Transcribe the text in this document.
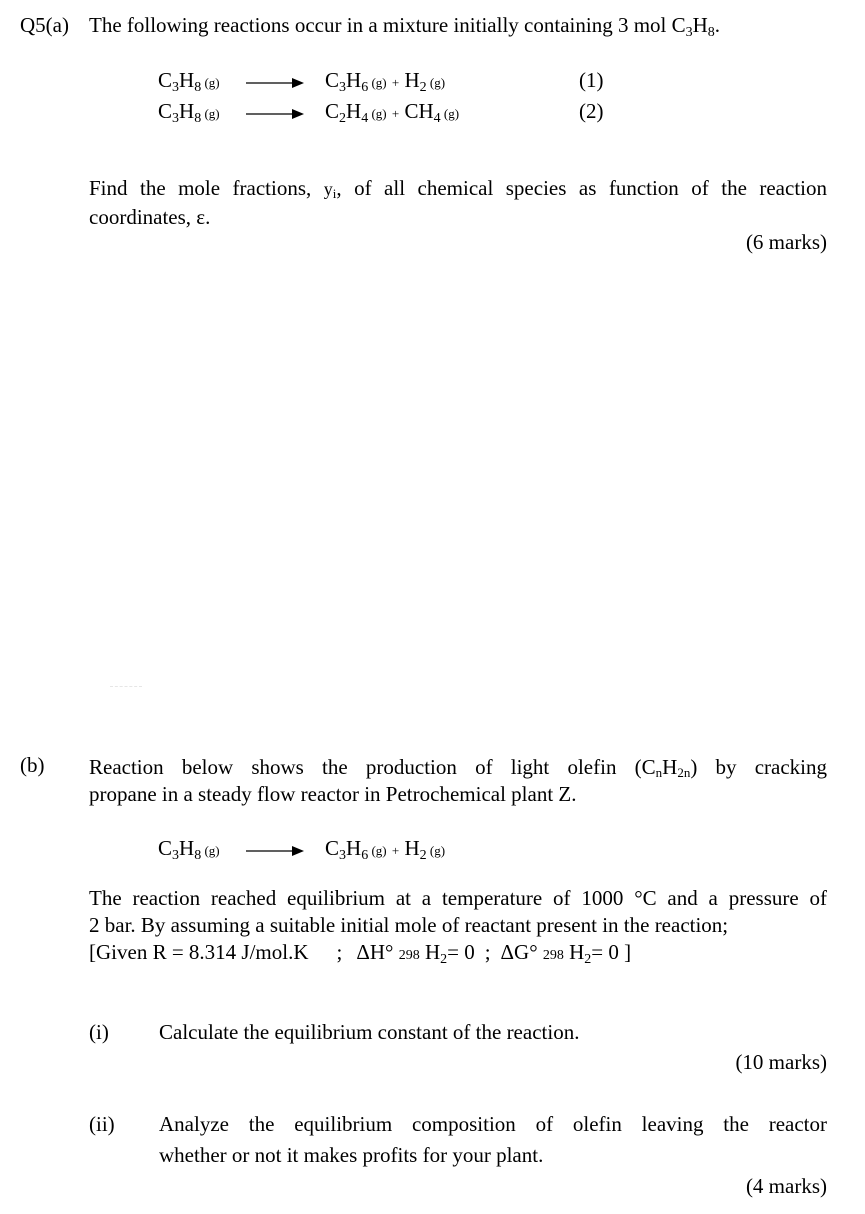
Q5(a) The following reactions occur in a mixture initially containing 3 mol $C_3H_8$.
$C_3H_8$ (g)	$C_3H_6$ $(g) + H_2$ (g)	(1)
$C_3H_8$ (g)	$C_2H_4$ $(g) + CH_4$ (g)	(2)
Find the mole fractions, yi, of all chemical species as function of the reaction
coordinates, ε.
(6 marks)
(b) Reaction below shows the production of light olefin $(C_nH_{2n})$ by cracking
propane in a steady flow reactor in Petrochemical plant Z.
$C_3H_8$ (g)	$C_3H_6$ $(g) + H_2$ (g)
The reaction reached equilibrium at a temperature of 1000 °C and a pressure of
2 bar. By assuming a suitable initial mole of reactant present in the reaction;
[Given R = 8.314 J/mol.K ; ΔH° 298 $H_2= 0$ ; ΔG° 298 $H_2= 0$ ]
(i) Calculate the equilibrium constant of the reaction.
(10 marks)
(ii) Analyze the equilibrium composition of olefin leaving the reactor
whether or not it makes profits for your plant.
(4 marks)
